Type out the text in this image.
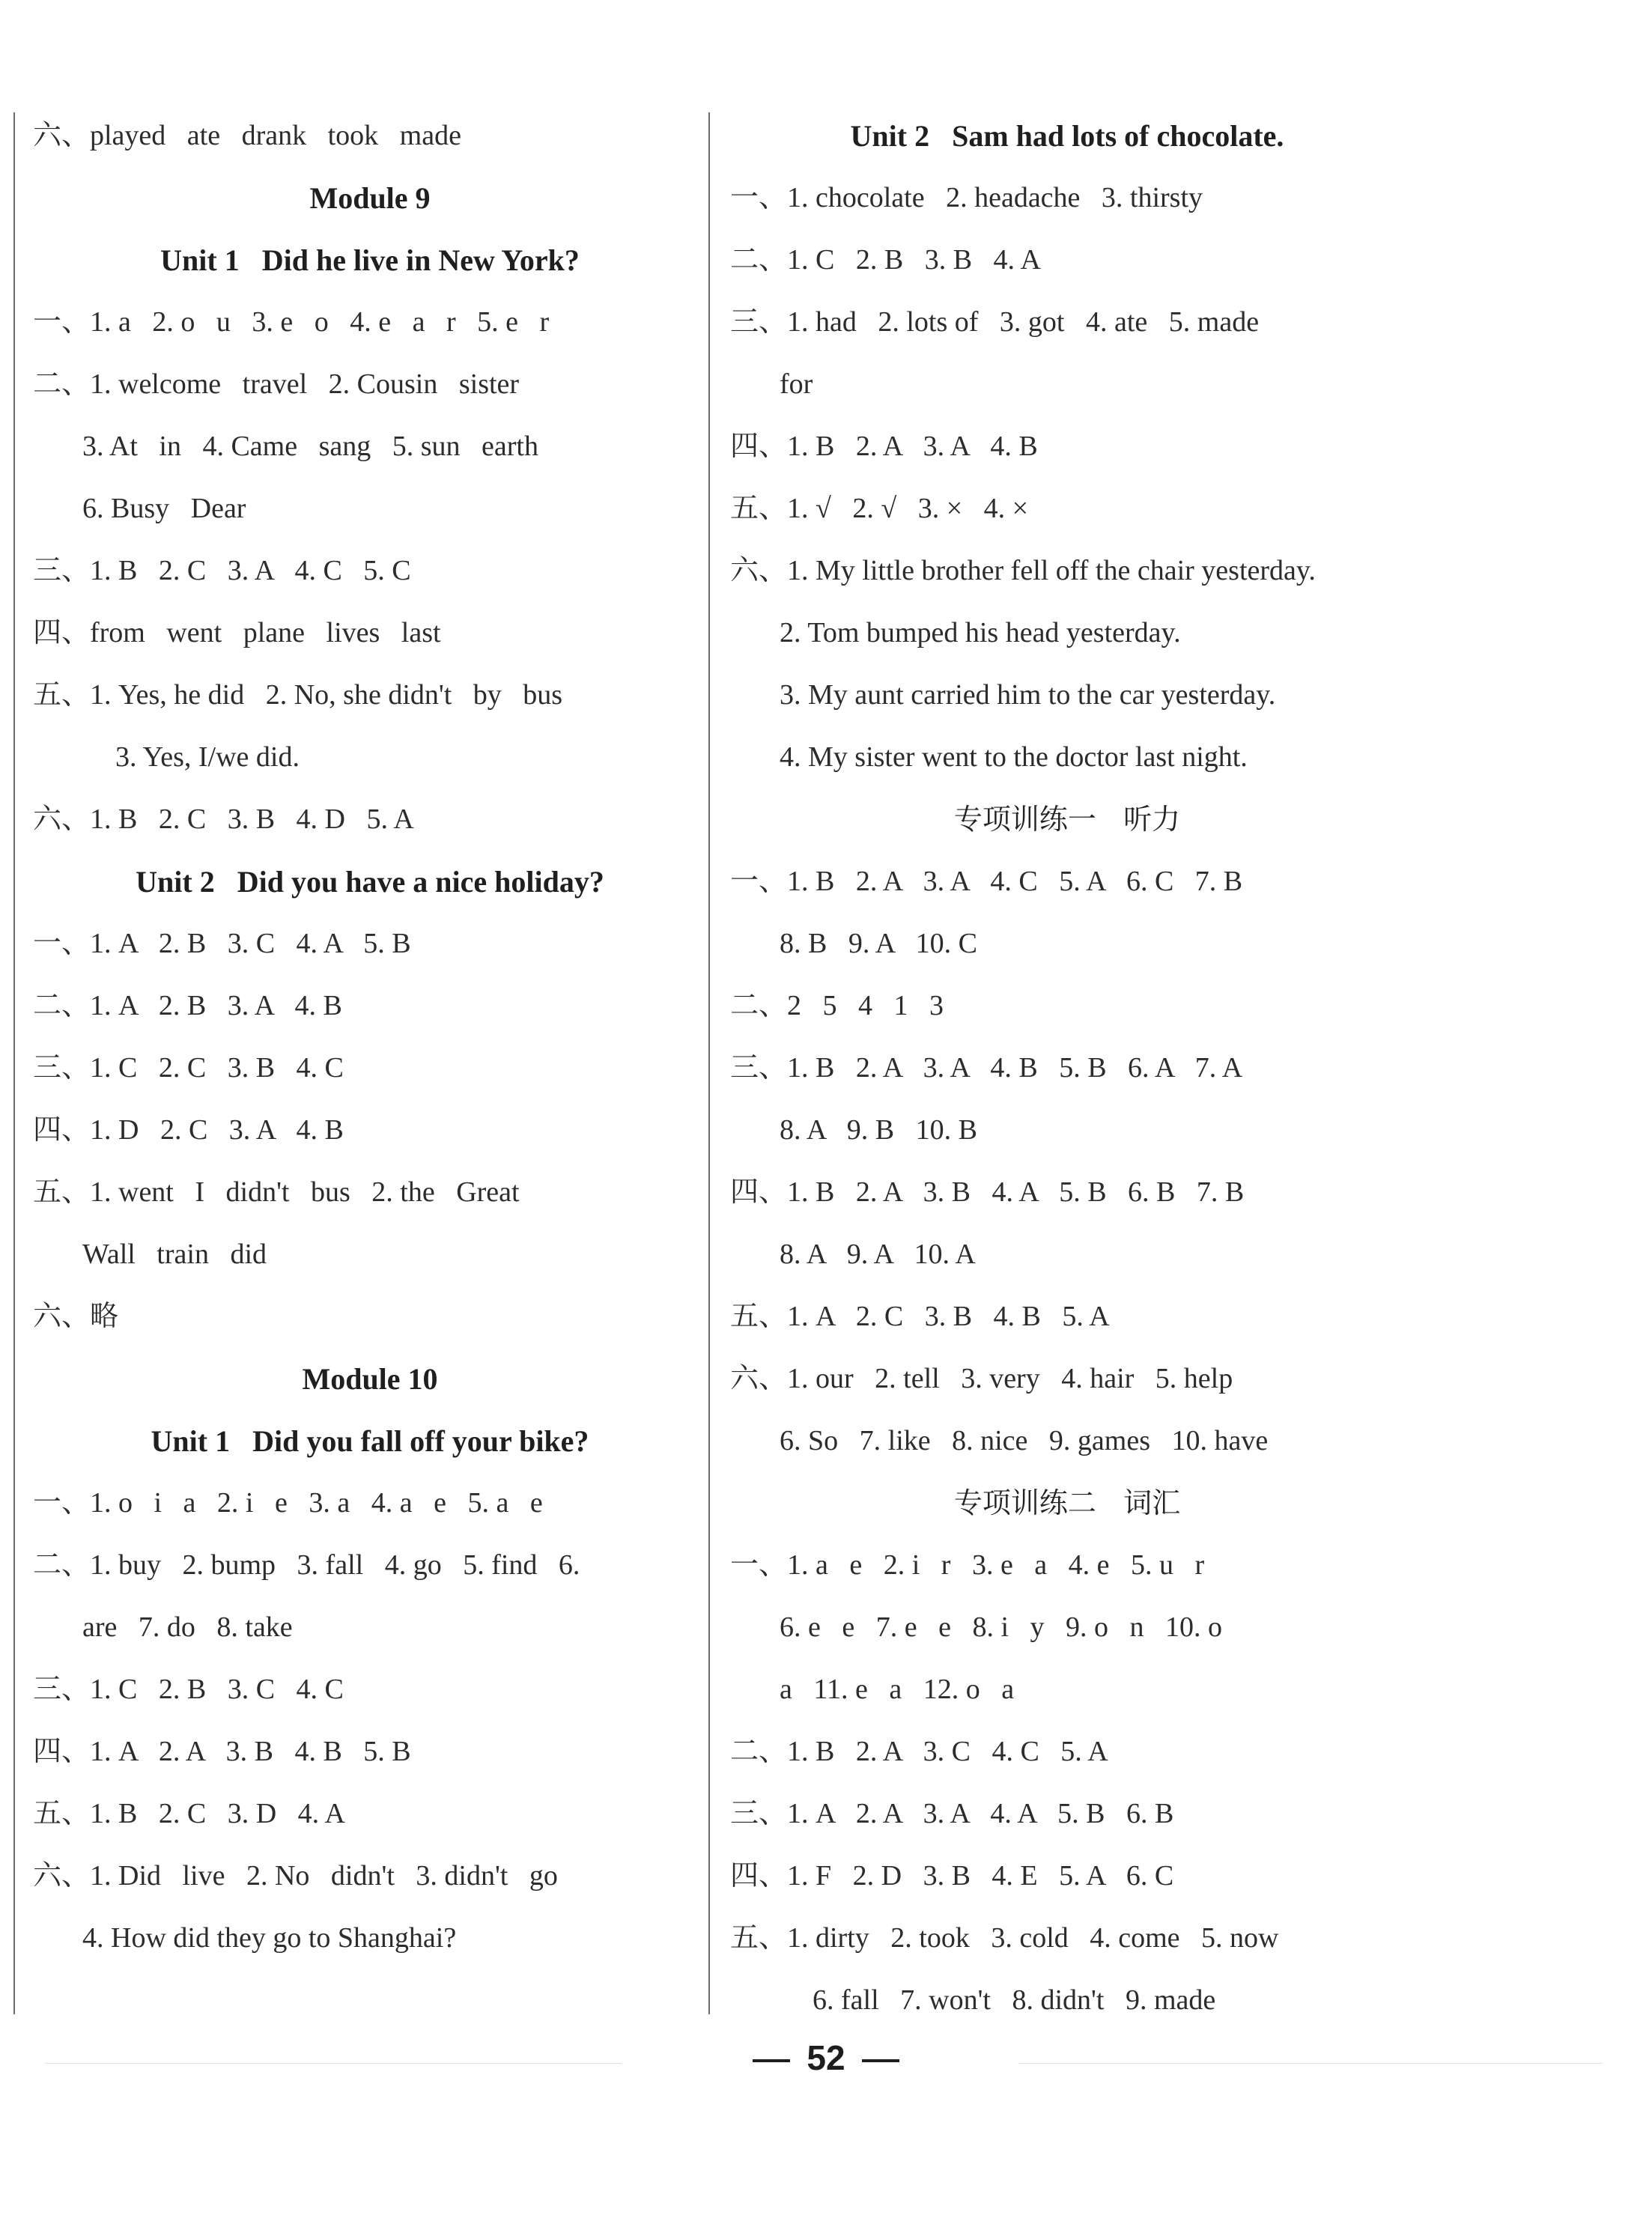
六、played   ate   drank   took   made
Module 9
Unit 1   Did he live in New York?
一、1. a   2. o   u   3. e   o   4. e   a   r   5. e   r
二、1. welcome   travel   2. Cousin   sister
3. At   in   4. Came   sang   5. sun   earth
6. Busy   Dear
三、1. B   2. C   3. A   4. C   5. C
四、from   went   plane   lives   last
五、1. Yes, he did   2. No, she didn't   by   bus
3. Yes, I/we did.
六、1. B   2. C   3. B   4. D   5. A
Unit 2   Did you have a nice holiday?
一、1. A   2. B   3. C   4. A   5. B
二、1. A   2. B   3. A   4. B
三、1. C   2. C   3. B   4. C
四、1. D   2. C   3. A   4. B
五、1. went   I   didn't   bus   2. the   Great
Wall   train   did
六、略
Module 10
Unit 1   Did you fall off your bike?
一、1. o   i   a   2. i   e   3. a   4. a   e   5. a   e
二、1. buy   2. bump   3. fall   4. go   5. find   6.
are   7. do   8. take
三、1. C   2. B   3. C   4. C
四、1. A   2. A   3. B   4. B   5. B
五、1. B   2. C   3. D   4. A
六、1. Did   live   2. No   didn't   3. didn't   go
4. How did they go to Shanghai?
Unit 2   Sam had lots of chocolate.
一、1. chocolate   2. headache   3. thirsty
二、1. C   2. B   3. B   4. A
三、1. had   2. lots of   3. got   4. ate   5. made
for
四、1. B   2. A   3. A   4. B
五、1. √   2. √   3. ×   4. ×
六、1. My little brother fell off the chair yesterday.
2. Tom bumped his head yesterday.
3. My aunt carried him to the car yesterday.
4. My sister went to the doctor last night.
专项训练一   听力
一、1. B   2. A   3. A   4. C   5. A   6. C   7. B
8. B   9. A   10. C
二、2   5   4   1   3
三、1. B   2. A   3. A   4. B   5. B   6. A   7. A
8. A   9. B   10. B
四、1. B   2. A   3. B   4. A   5. B   6. B   7. B
8. A   9. A   10. A
五、1. A   2. C   3. B   4. B   5. A
六、1. our   2. tell   3. very   4. hair   5. help
6. So   7. like   8. nice   9. games   10. have
专项训练二   词汇
一、1. a   e   2. i   r   3. e   a   4. e   5. u   r
6. e   e   7. e   e   8. i   y   9. o   n   10. o
a   11. e   a   12. o   a
二、1. B   2. A   3. C   4. C   5. A
三、1. A   2. A   3. A   4. A   5. B   6. B
四、1. F   2. D   3. B   4. E   5. A   6. C
五、1. dirty   2. took   3. cold   4. come   5. now
6. fall   7. won't   8. didn't   9. made
52
